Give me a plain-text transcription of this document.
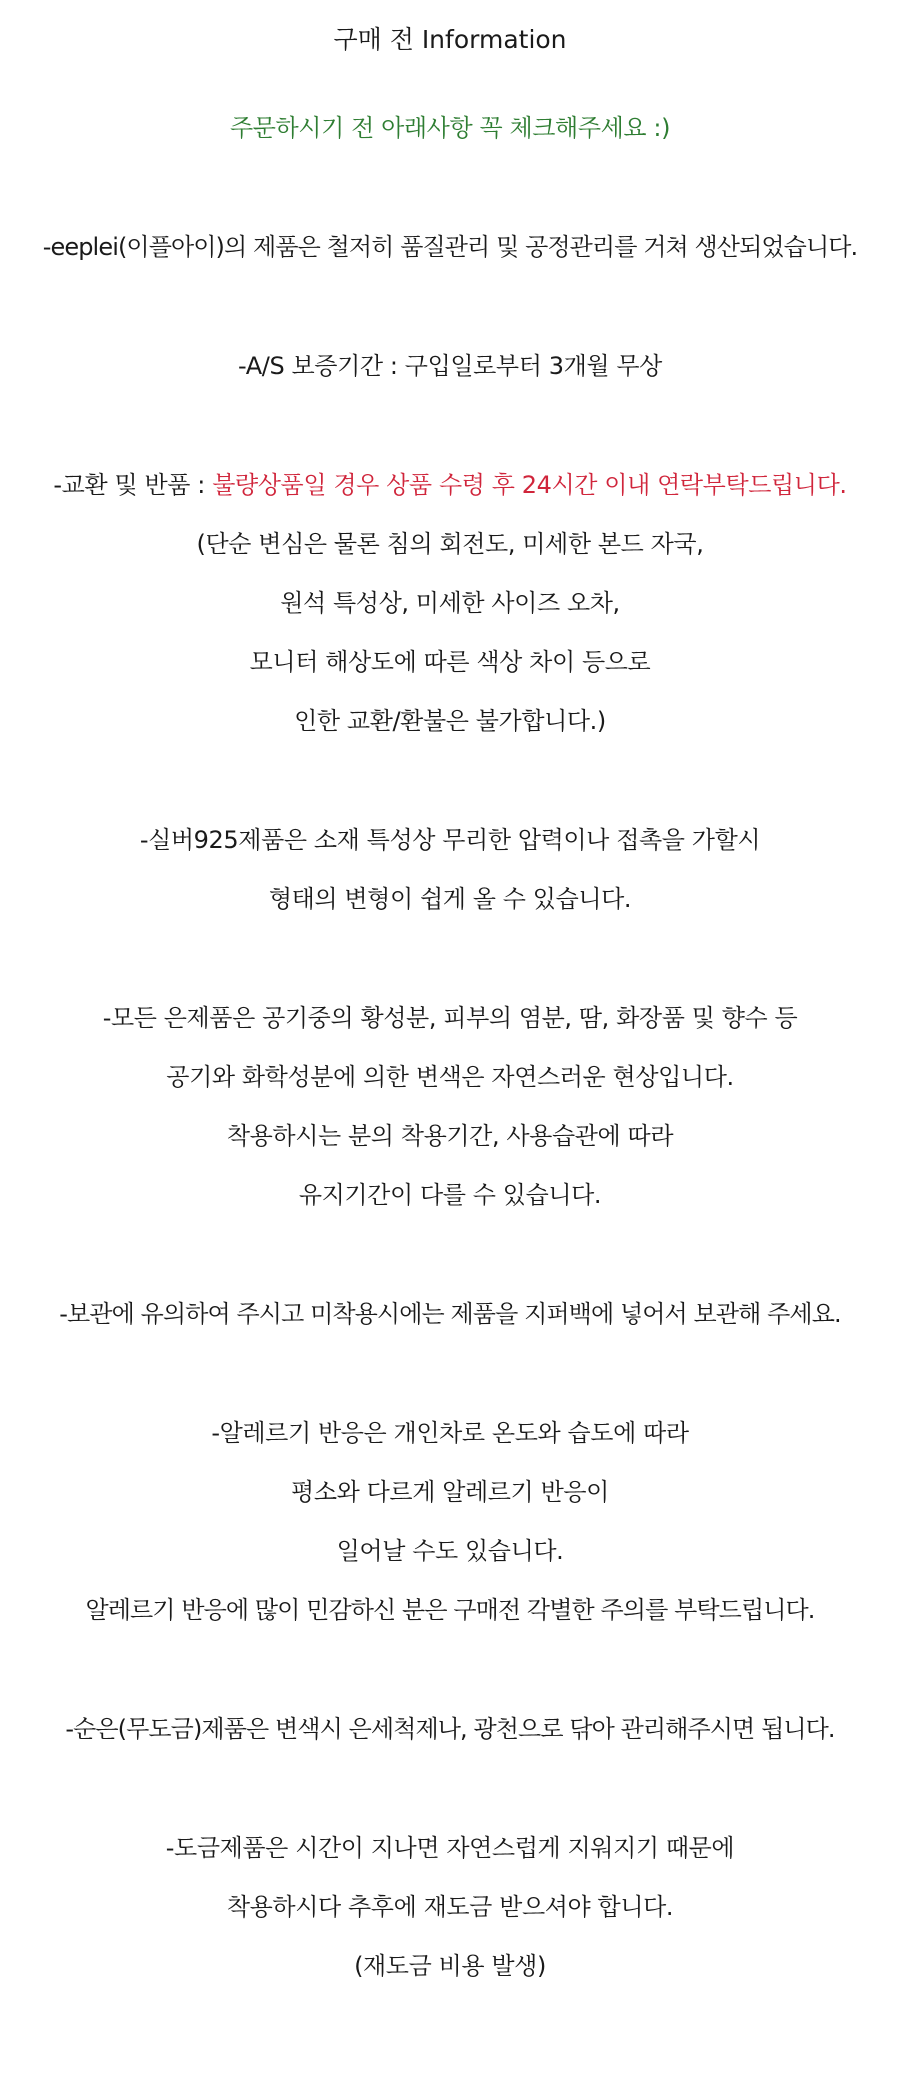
구매 전 Information
주문하시기 전 아래사항 꼭 체크해주세요 :)
-eeplei(이플아이)의 제품은 철저히 품질관리 및 공정관리를 거쳐 생산되었습니다.
-A/S 보증기간 : 구입일로부터 3개월 무상
-교환 및 반품 : 불량상품일 경우 상품 수령 후 24시간 이내 연락부탁드립니다.
(단순 변심은 물론 침의 회전도, 미세한 본드 자국,
원석 특성상, 미세한 사이즈 오차,
모니터 해상도에 따른 색상 차이 등으로
인한 교환/환불은 불가합니다.)
-실버925제품은 소재 특성상 무리한 압력이나 접촉을 가할시
형태의 변형이 쉽게 올 수 있습니다.
-모든 은제품은 공기중의 황성분, 피부의 염분, 땀, 화장품 및 향수 등
공기와 화학성분에 의한 변색은 자연스러운 현상입니다.
착용하시는 분의 착용기간, 사용습관에 따라
유지기간이 다를 수 있습니다.
-보관에 유의하여 주시고 미착용시에는 제품을 지퍼백에 넣어서 보관해 주세요.
-알레르기 반응은 개인차로 온도와 습도에 따라
평소와 다르게 알레르기 반응이
일어날 수도 있습니다.
알레르기 반응에 많이 민감하신 분은 구매전 각별한 주의를 부탁드립니다.
-순은(무도금)제품은 변색시 은세척제나, 광천으로 닦아 관리해주시면 됩니다.
-도금제품은 시간이 지나면 자연스럽게 지워지기 때문에
착용하시다 추후에 재도금 받으셔야 합니다.
(재도금 비용 발생)
